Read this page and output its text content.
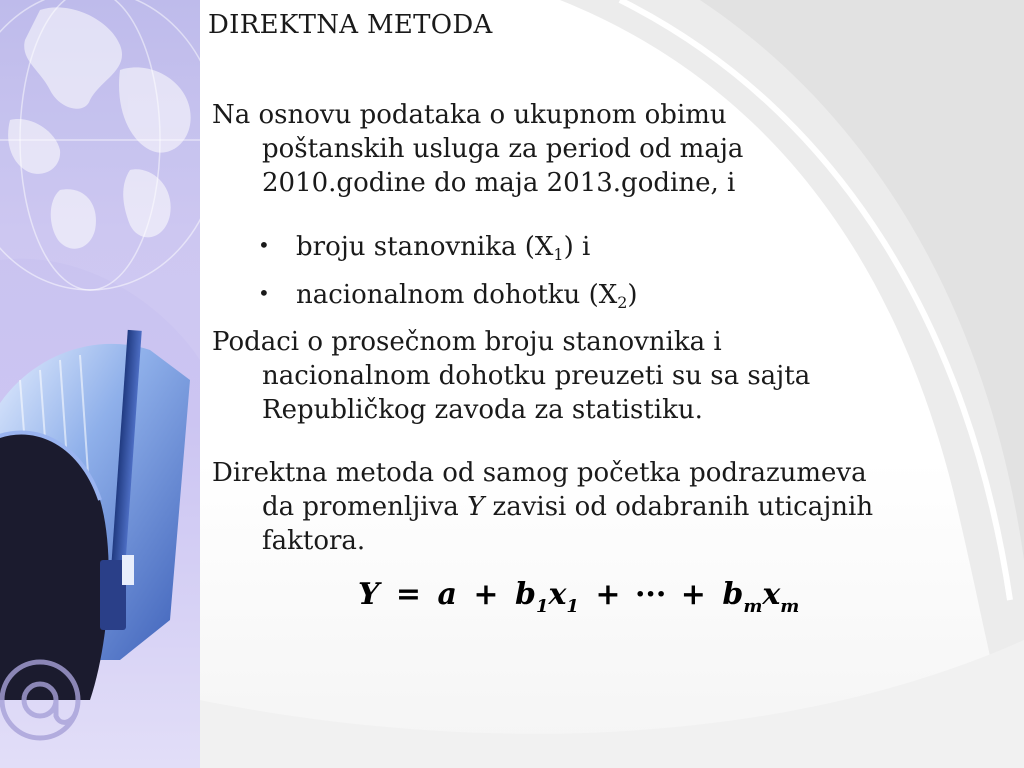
DIREKTNA METODA
Na osnovu podataka o ukupnom obimu
poštanskih usluga za period od maja
2010.godine do maja 2013.godine, i
• broju stanovnika $(X_1)$ i
• nacionalnom dohotku $(X_2)$
Podaci o prosečnom broju stanovnika i
nacionalnom dohotku preuzeti su sa sajta
Republičkog zavoda za statistiku.
Direktna metoda od samog početka podrazumeva
da promenljiva Y zavisi od odabranih uticajnih
faktora.
$Y = a + b_1x_1$ + ··· + $b_mx_m$
